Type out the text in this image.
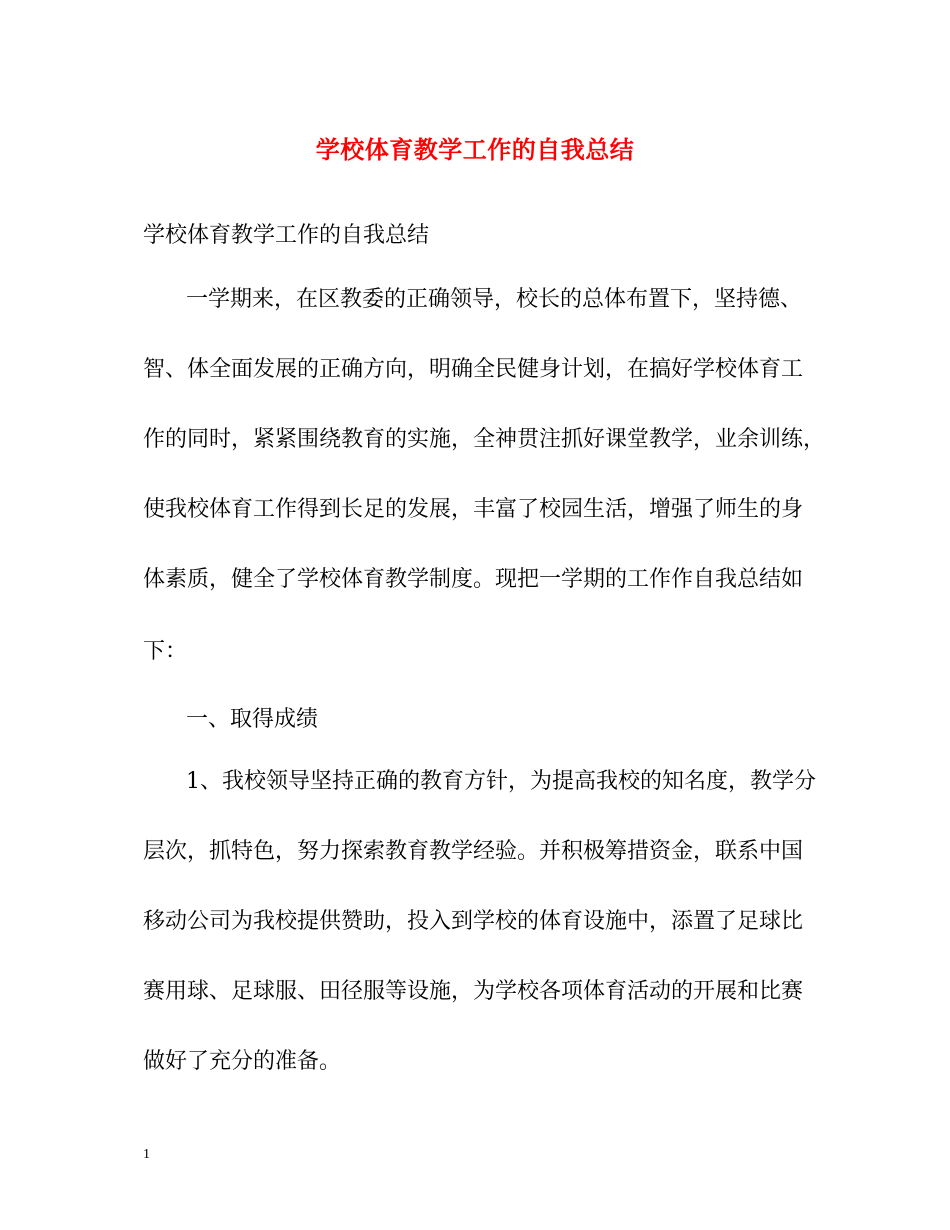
学校体育教学工作的自我总结
学校体育教学工作的自我总结
一学期来，在区教委的正确领导，校长的总体布置下，坚持德、
智、体全面发展的正确方向，明确全民健身计划，在搞好学校体育工
作的同时，紧紧围绕教育的实施，全神贯注抓好课堂教学，业余训练，
使我校体育工作得到长足的发展，丰富了校园生活，增强了师生的身
体素质，健全了学校体育教学制度。现把一学期的工作作自我总结如
下：
一、取得成绩
1、我校领导坚持正确的教育方针，为提高我校的知名度，教学分
层次，抓特色，努力探索教育教学经验。并积极筹措资金，联系中国
移动公司为我校提供赞助，投入到学校的体育设施中，添置了足球比
赛用球、足球服、田径服等设施，为学校各项体育活动的开展和比赛
做好了充分的准备。
1
